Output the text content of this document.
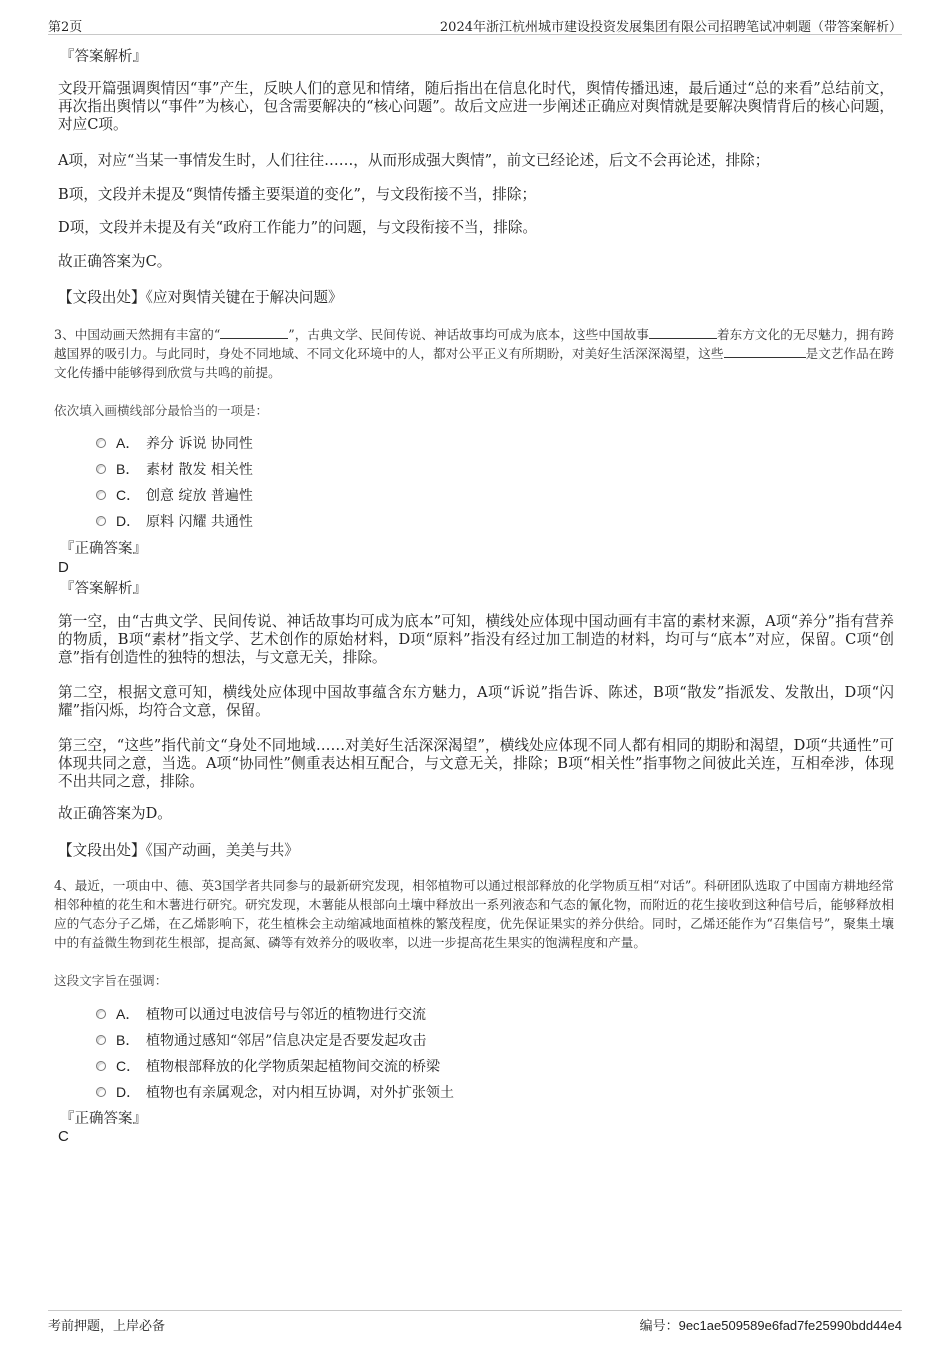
第2页	2024年浙江杭州城市建设投资发展集团有限公司招聘笔试冲刺题（带答案解析）
『答案解析』
文段开篇强调舆情因“事”产生，反映人们的意见和情绪，随后指出在信息化时代，舆情传播迅速，最后通过“总的来看”总结前文，再次指出舆情以“事件”为核心，包含需要解决的“核心问题”。故后文应进一步阐述正确应对舆情就是要解决舆情背后的核心问题，对应C项。
A项，对应“当某一事情发生时，人们往往……，从而形成强大舆情”，前文已经论述，后文不会再论述，排除；
B项，文段并未提及“舆情传播主要渠道的变化”，与文段衔接不当，排除；
D项，文段并未提及有关“政府工作能力”的问题，与文段衔接不当，排除。
故正确答案为C。
【文段出处】《应对舆情关键在于解决问题》
3、中国动画天然拥有丰富的“	”，古典文学、民间传说、神话故事均可成为底本，这些中国故事	着东方文化的无尽魅力，拥有跨越国界的吸引力。与此同时，身处不同地域、不同文化环境中的人，都对公平正义有所期盼，对美好生活深深渴望，这些	是文艺作品在跨文化传播中能够得到欣赏与共鸣的前提。
依次填入画横线部分最恰当的一项是：
A． 养分 诉说 协同性
B． 素材 散发 相关性
C． 创意 绽放 普遍性
D． 原料 闪耀 共通性
『正确答案』
D
『答案解析』
第一空，由“古典文学、民间传说、神话故事均可成为底本”可知，横线处应体现中国动画有丰富的素材来源，A项“养分”指有营养的物质，B项“素材”指文学、艺术创作的原始材料，D项“原料”指没有经过加工制造的材料，均可与“底本”对应，保留。C项“创意”指有创造性的独特的想法，与文意无关，排除。
第二空，根据文意可知，横线处应体现中国故事蕴含东方魅力，A项“诉说”指告诉、陈述，B项“散发”指派发、发散出，D项“闪耀”指闪烁，均符合文意，保留。
第三空，“这些”指代前文“身处不同地域……对美好生活深深渴望”，横线处应体现不同人都有相同的期盼和渴望，D项“共通性”可体现共同之意，当选。A项“协同性”侧重表达相互配合，与文意无关，排除；B项“相关性”指事物之间彼此关连，互相牵涉，体现不出共同之意，排除。
故正确答案为D。
【文段出处】《国产动画，美美与共》
4、最近，一项由中、德、英3国学者共同参与的最新研究发现，相邻植物可以通过根部释放的化学物质互相“对话”。科研团队选取了中国南方耕地经常相邻种植的花生和木薯进行研究。研究发现，木薯能从根部向土壤中释放出一系列液态和气态的氰化物，而附近的花生接收到这种信号后，能够释放相应的气态分子乙烯，在乙烯影响下，花生植株会主动缩减地面植株的繁茂程度，优先保证果实的养分供给。同时，乙烯还能作为“召集信号”，聚集土壤中的有益微生物到花生根部，提高氮、磷等有效养分的吸收率，以进一步提高花生果实的饱满程度和产量。
这段文字旨在强调：
A． 植物可以通过电波信号与邻近的植物进行交流
B． 植物通过感知“邻居”信息决定是否要发起攻击
C． 植物根部释放的化学物质架起植物间交流的桥梁
D． 植物也有亲属观念，对内相互协调，对外扩张领土
『正确答案』
C
考前押题，上岸必备	编号：9ec1ae509589e6fad7fe25990bdd44e4
